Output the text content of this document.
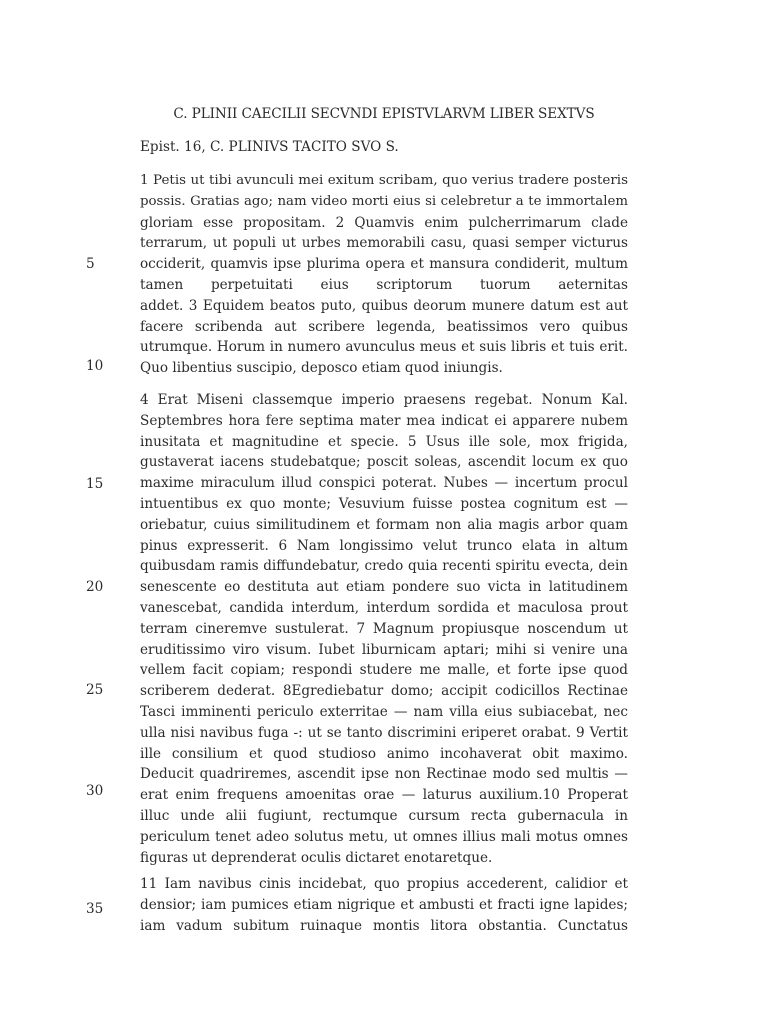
C. PLINII CAECILII SECVNDI EPISTVLARVM LIBER SEXTVS
Epist. 16, C. PLINIVS TACITO SVO S.
5
10
15
20
25
30
35
1 Petis ut tibi avunculi mei exitum scribam, quo verius tradere posteris
possis. Gratias ago; nam video morti eius si celebretur a te immortalem
gloriam esse propositam. 2 Quamvis enim pulcherrimarum clade
terrarum, ut populi ut urbes memorabili casu, quasi semper victurus
occiderit, quamvis ipse plurima opera et mansura condiderit, multum
tamen perpetuitati eius scriptorum tuorum aeternitas
addet. 3 Equidem beatos puto, quibus deorum munere datum est aut
facere scribenda aut scribere legenda, beatissimos vero quibus
utrumque. Horum in numero avunculus meus et suis libris et tuis erit.
Quo libentius suscipio, deposco etiam quod iniungis.
4 Erat Miseni classemque imperio praesens regebat. Nonum Kal.
Septembres hora fere septima mater mea indicat ei apparere nubem
inusitata et magnitudine et specie. 5 Usus ille sole, mox frigida,
gustaverat iacens studebatque; poscit soleas, ascendit locum ex quo
maxime miraculum illud conspici poterat. Nubes — incertum procul
intuentibus ex quo monte; Vesuvium fuisse postea cognitum est —
oriebatur, cuius similitudinem et formam non alia magis arbor quam
pinus expresserit. 6 Nam longissimo velut trunco elata in altum
quibusdam ramis diffundebatur, credo quia recenti spiritu evecta, dein
senescente eo destituta aut etiam pondere suo victa in latitudinem
vanescebat, candida interdum, interdum sordida et maculosa prout
terram cineremve sustulerat. 7 Magnum propiusque noscendum ut
eruditissimo viro visum. Iubet liburnicam aptari; mihi si venire una
vellem facit copiam; respondi studere me malle, et forte ipse quod
scriberem dederat. 8Egrediebatur domo; accipit codicillos Rectinae
Tasci imminenti periculo exterritae — nam villa eius subiacebat, nec
ulla nisi navibus fuga -: ut se tanto discrimini eriperet orabat. 9 Vertit
ille consilium et quod studioso animo incohaverat obit maximo.
Deducit quadriremes, ascendit ipse non Rectinae modo sed multis —
erat enim frequens amoenitas orae — laturus auxilium.10 Properat
illuc unde alii fugiunt, rectumque cursum recta gubernacula in
periculum tenet adeo solutus metu, ut omnes illius mali motus omnes
figuras ut deprenderat oculis dictaret enotaretque.
11 Iam navibus cinis incidebat, quo propius accederent, calidior et
densior; iam pumices etiam nigrique et ambusti et fracti igne lapides;
iam vadum subitum ruinaque montis litora obstantia. Cunctatus
